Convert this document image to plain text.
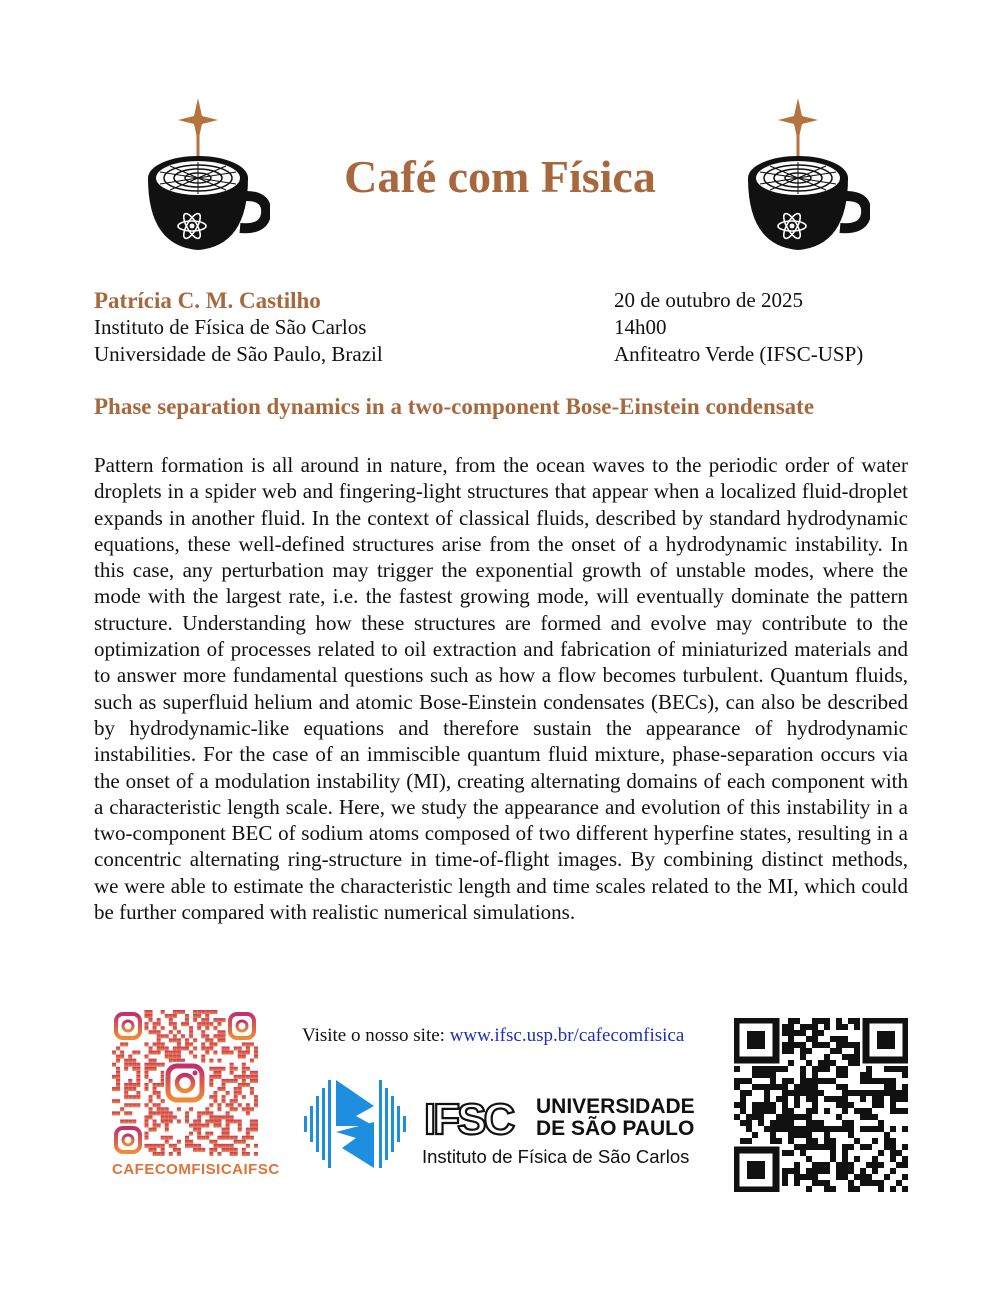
Café com Física
Patrícia C. M. Castilho
Instituto de Física de São Carlos
Universidade de São Paulo, Brazil
20 de outubro de 2025
14h00
Anfiteatro Verde (IFSC-USP)
Phase separation dynamics in a two-component Bose-Einstein condensate
Pattern formation is all around in nature, from the ocean waves to the periodic order of water droplets in a spider web and fingering-light structures that appear when a localized fluid-droplet expands in another fluid. In the context of classical fluids, described by standard hydrodynamic equations, these well-defined structures arise from the onset of a hydrodynamic instability. In this case, any perturbation may trigger the exponential growth of unstable modes, where the mode with the largest rate, i.e. the fastest growing mode, will eventually dominate the pattern structure. Understanding how these structures are formed and evolve may contribute to the optimization of processes related to oil extraction and fabrication of miniaturized materials and to answer more fundamental questions such as how a flow becomes turbulent. Quantum fluids, such as superfluid helium and atomic Bose-Einstein condensates (BECs), can also be described by hydrodynamic-like equations and therefore sustain the appearance of hydrodynamic instabilities. For the case of an immiscible quantum fluid mixture, phase-separation occurs via the onset of a modulation instability (MI), creating alternating domains of each component with a characteristic length scale. Here, we study the appearance and evolution of this instability in a two-component BEC of sodium atoms composed of two different hyperfine states, resulting in a concentric alternating ring-structure in time-of-flight images. By combining distinct methods, we were able to estimate the characteristic length and time scales related to the MI, which could be further compared with realistic numerical simulations.
CAFECOMFISICAIFSC
Visite o nosso site: www.ifsc.usp.br/cafecomfisica
IFSC UNIVERSIDADE
DE SÃO PAULO
Instituto de Física de São Carlos
